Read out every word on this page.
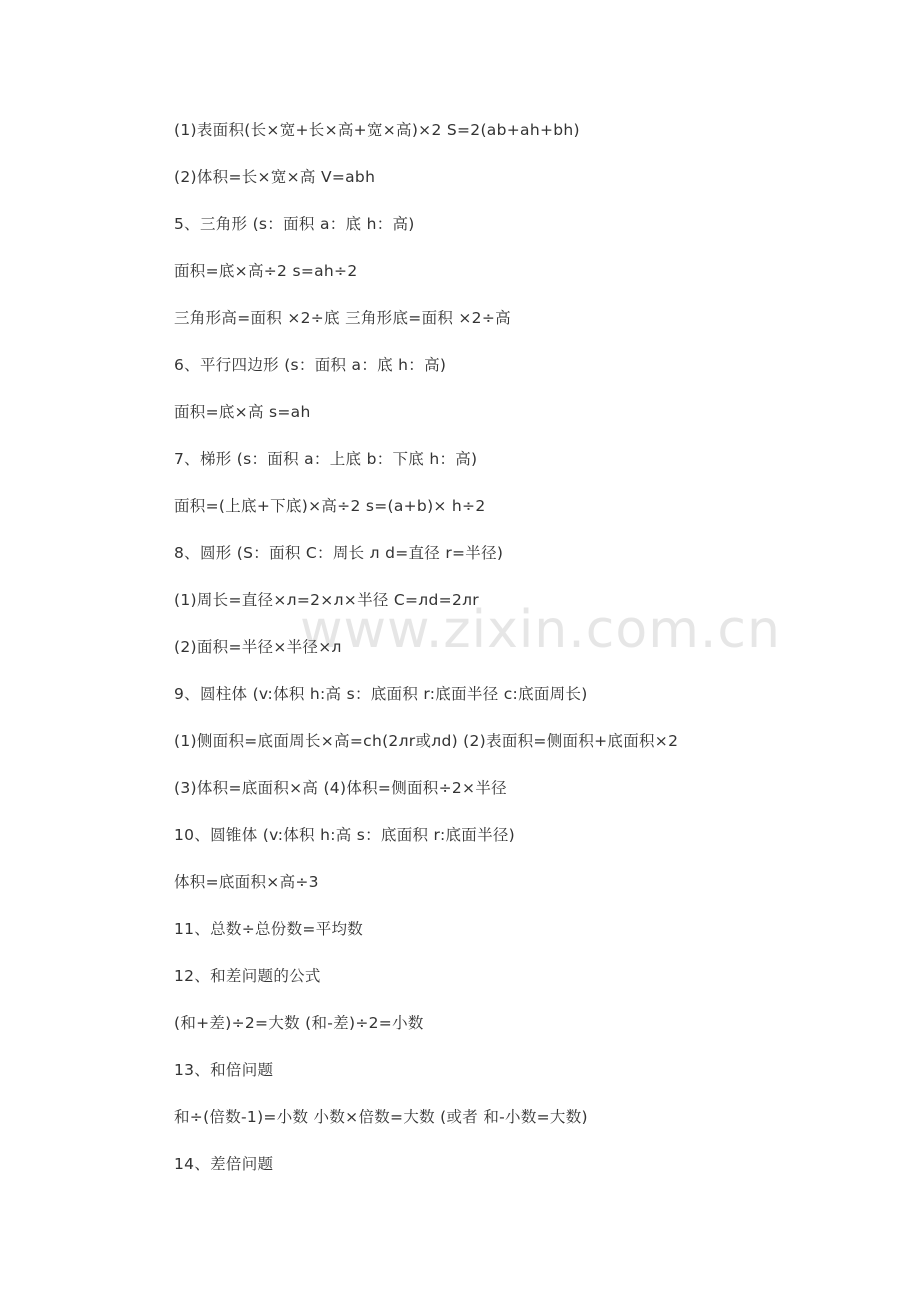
www.zixin.com.cn
(1)表面积(长×宽+长×高+宽×高)×2 S=2(ab+ah+bh)
(2)体积=长×宽×高 V=abh
5、三角形 (s：面积 a：底 h：高)
面积=底×高÷2 s=ah÷2
三角形高=面积 ×2÷底 三角形底=面积 ×2÷高
6、平行四边形 (s：面积 a：底 h：高)
面积=底×高 s=ah
7、梯形 (s：面积 a：上底 b：下底 h：高)
面积=(上底+下底)×高÷2 s=(a+b)× h÷2
8、圆形 (S：面积 C：周长 л d=直径 r=半径)
(1)周长=直径×л=2×л×半径 C=лd=2лr
(2)面积=半径×半径×л
9、圆柱体 (v:体积 h:高 s：底面积 r:底面半径 c:底面周长)
(1)侧面积=底面周长×高=ch(2лr或лd) (2)表面积=侧面积+底面积×2
(3)体积=底面积×高 (4)体积=侧面积÷2×半径
10、圆锥体 (v:体积 h:高 s：底面积 r:底面半径)
体积=底面积×高÷3
11、总数÷总份数=平均数
12、和差问题的公式
(和+差)÷2=大数 (和-差)÷2=小数
13、和倍问题
和÷(倍数-1)=小数 小数×倍数=大数 (或者 和-小数=大数)
14、差倍问题
